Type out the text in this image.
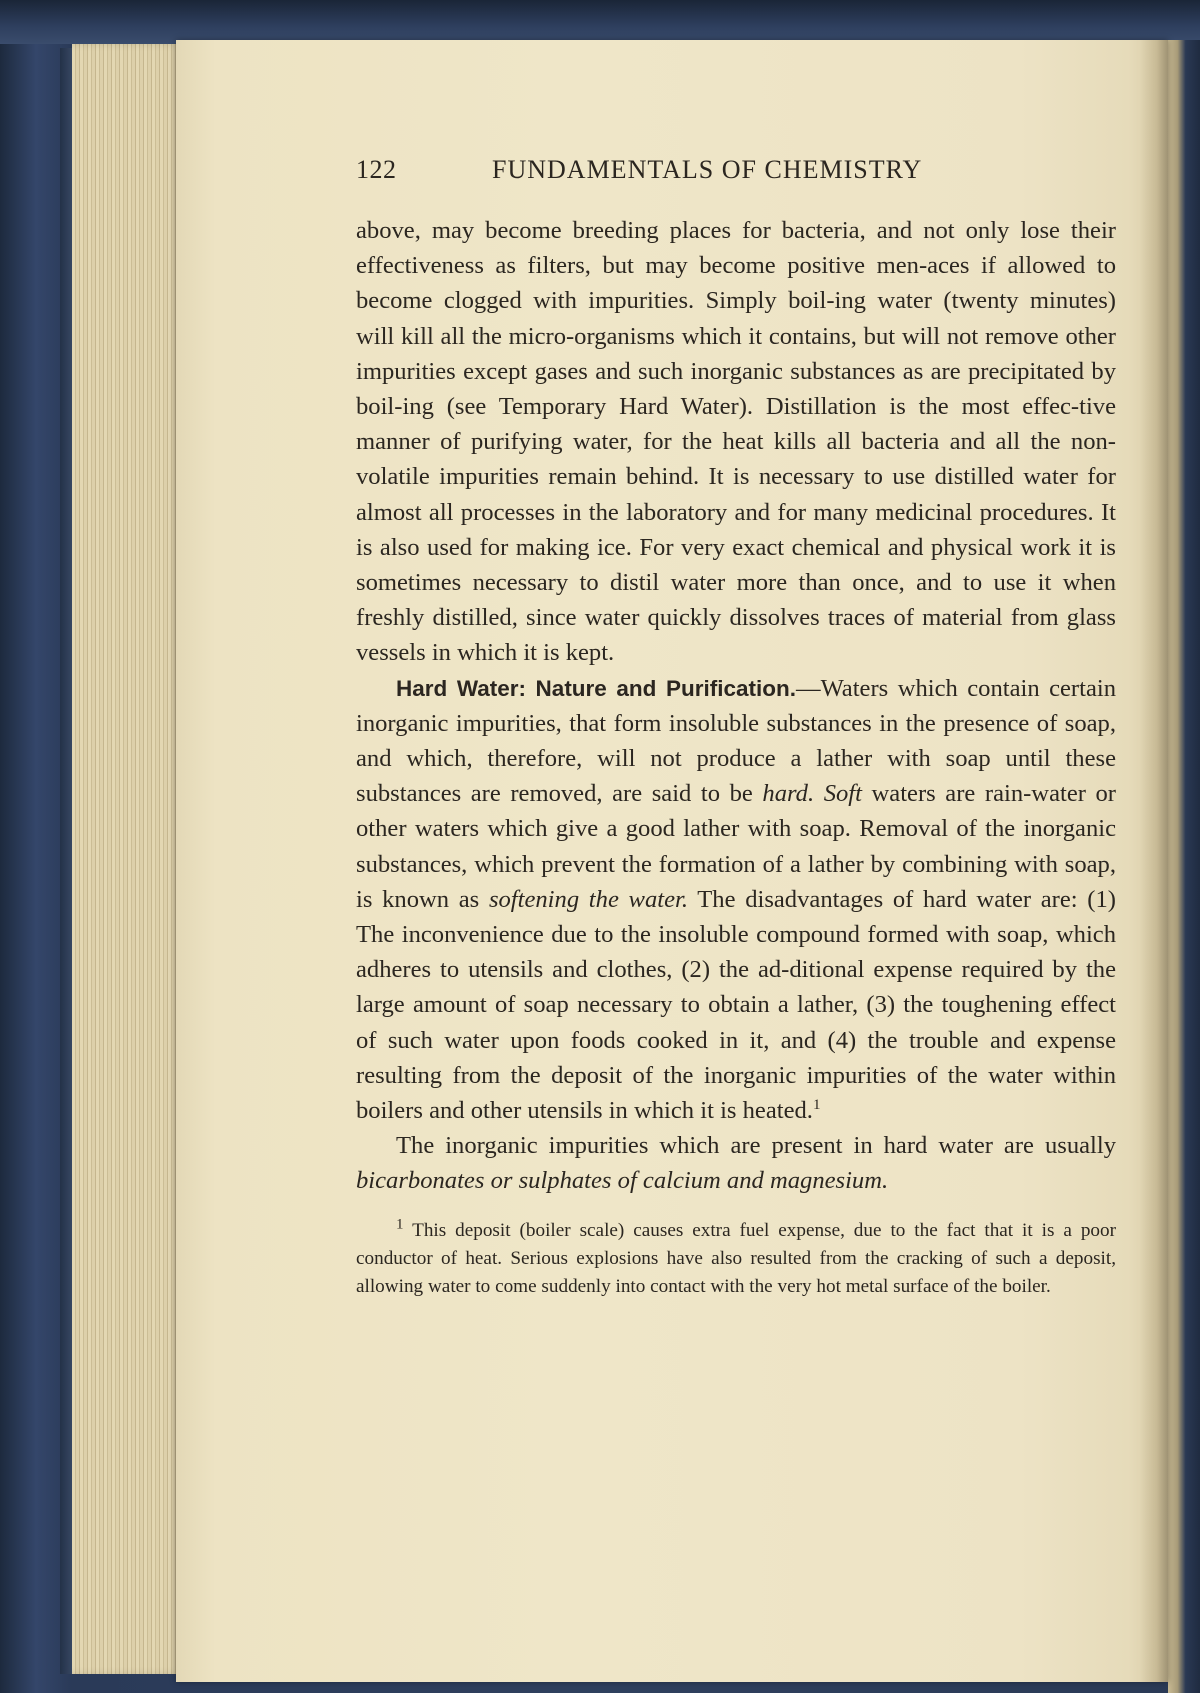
122	FUNDAMENTALS OF CHEMISTRY

above, may become breeding places for bacteria, and not only lose their effectiveness as filters, but may become positive men-aces if allowed to become clogged with impurities. Simply boil-ing water (twenty minutes) will kill all the micro-organisms which it contains, but will not remove other impurities except gases and such inorganic substances as are precipitated by boil-ing (see Temporary Hard Water). Distillation is the most effec-tive manner of purifying water, for the heat kills all bacteria and all the non-volatile impurities remain behind. It is necessary to use distilled water for almost all processes in the laboratory and for many medicinal procedures. It is also used for making ice. For very exact chemical and physical work it is sometimes necessary to distil water more than once, and to use it when freshly distilled, since water quickly dissolves traces of material from glass vessels in which it is kept.

Hard Water: Nature and Purification.—Waters which contain certain inorganic impurities, that form insoluble substances in the presence of soap, and which, therefore, will not produce a lather with soap until these substances are removed, are said to be hard. Soft waters are rain-water or other waters which give a good lather with soap. Removal of the inorganic substances, which prevent the formation of a lather by combining with soap, is known as softening the water. The disadvantages of hard water are: (1) The inconvenience due to the insoluble compound formed with soap, which adheres to utensils and clothes, (2) the ad-ditional expense required by the large amount of soap necessary to obtain a lather, (3) the toughening effect of such water upon foods cooked in it, and (4) the trouble and expense resulting from the deposit of the inorganic impurities of the water within boilers and other utensils in which it is heated.$^1$

The inorganic impurities which are present in hard water are usually bicarbonates or sulphates of calcium and magnesium.

$^1$ This deposit (boiler scale) causes extra fuel expense, due to the fact that it is a poor conductor of heat. Serious explosions have also resulted from the cracking of such a deposit, allowing water to come suddenly into contact with the very hot metal surface of the boiler.
